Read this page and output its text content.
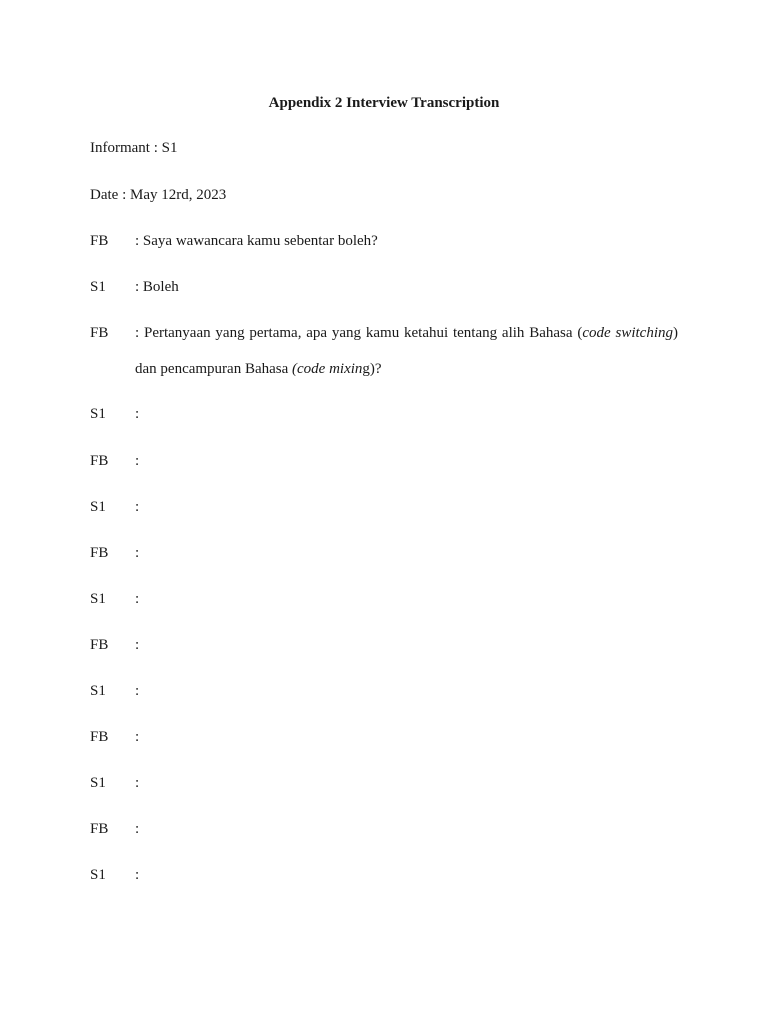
Appendix 2 Interview Transcription
Informant : S1
Date : May 12rd, 2023
FB	: Saya wawancara kamu sebentar boleh?
S1	: Boleh
FB	: Pertanyaan yang pertama, apa yang kamu ketahui tentang alih Bahasa (code switching)
dan pencampuran Bahasa (code mixing)?
S1	:
FB	:
S1	:
FB	:
S1	:
FB	:
S1	:
FB	:
S1	:
FB	:
S1	:
